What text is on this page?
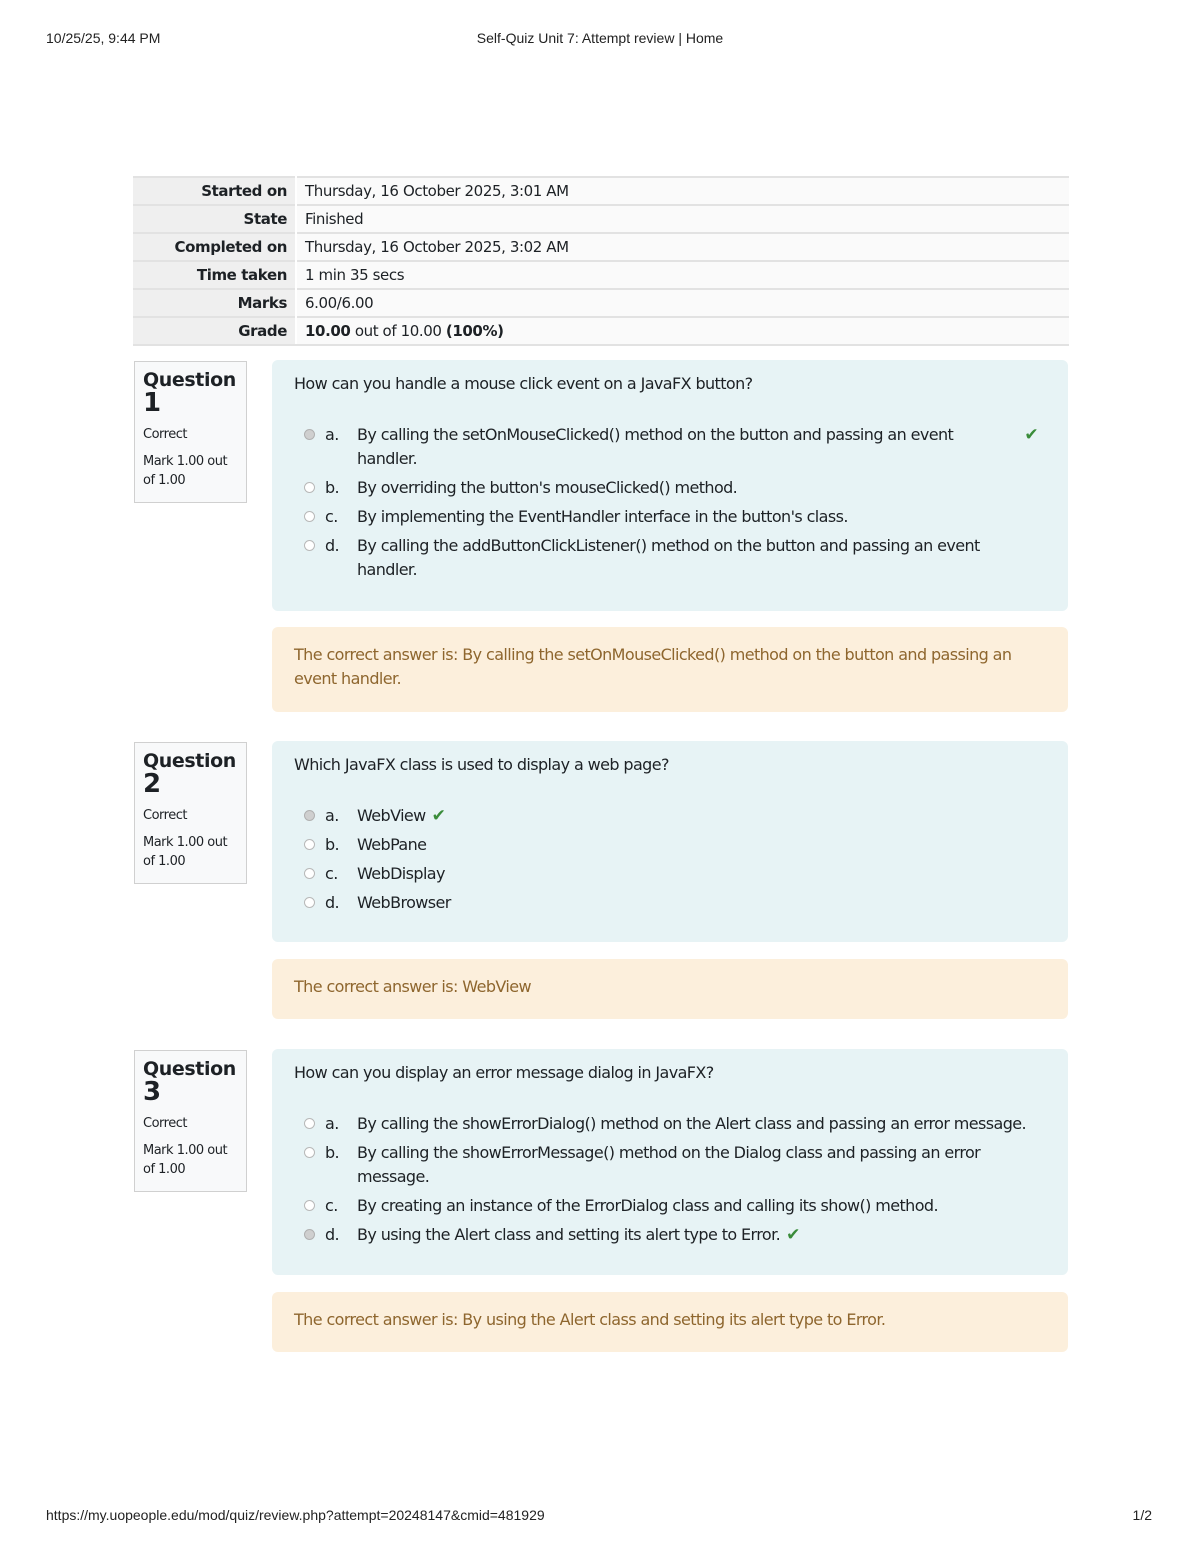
10/25/25, 9:44 PM	Self-Quiz Unit 7: Attempt review | Home
Started on	Thursday, 16 October 2025, 3:01 AM
State	Finished
Completed on	Thursday, 16 October 2025, 3:02 AM
Time taken	1 min 35 secs
Marks	6.00/6.00
Grade	10.00 out of 10.00 (100%)
Question
1
Correct
Mark 1.00 out of 1.00
How can you handle a mouse click event on a JavaFX button?
a.	By calling the setOnMouseClicked() method on the button and passing an event handler.
✔
b.	By overriding the button's mouseClicked() method.
c.	By implementing the EventHandler interface in the button's class.
d.	By calling the addButtonClickListener() method on the button and passing an event handler.
The correct answer is: By calling the setOnMouseClicked() method on the button and passing an event handler.
Question
2
Correct
Mark 1.00 out of 1.00
Which JavaFX class is used to display a web page?
a.	WebView ✔
b.	WebPane
c.	WebDisplay
d.	WebBrowser
The correct answer is: WebView
Question
3
Correct
Mark 1.00 out of 1.00
How can you display an error message dialog in JavaFX?
a.	By calling the showErrorDialog() method on the Alert class and passing an error message.
b.	By calling the showErrorMessage() method on the Dialog class and passing an error message.
c.	By creating an instance of the ErrorDialog class and calling its show() method.
d.	By using the Alert class and setting its alert type to Error. ✔
The correct answer is: By using the Alert class and setting its alert type to Error.
https://my.uopeople.edu/mod/quiz/review.php?attempt=20248147&cmid=481929	1/2
